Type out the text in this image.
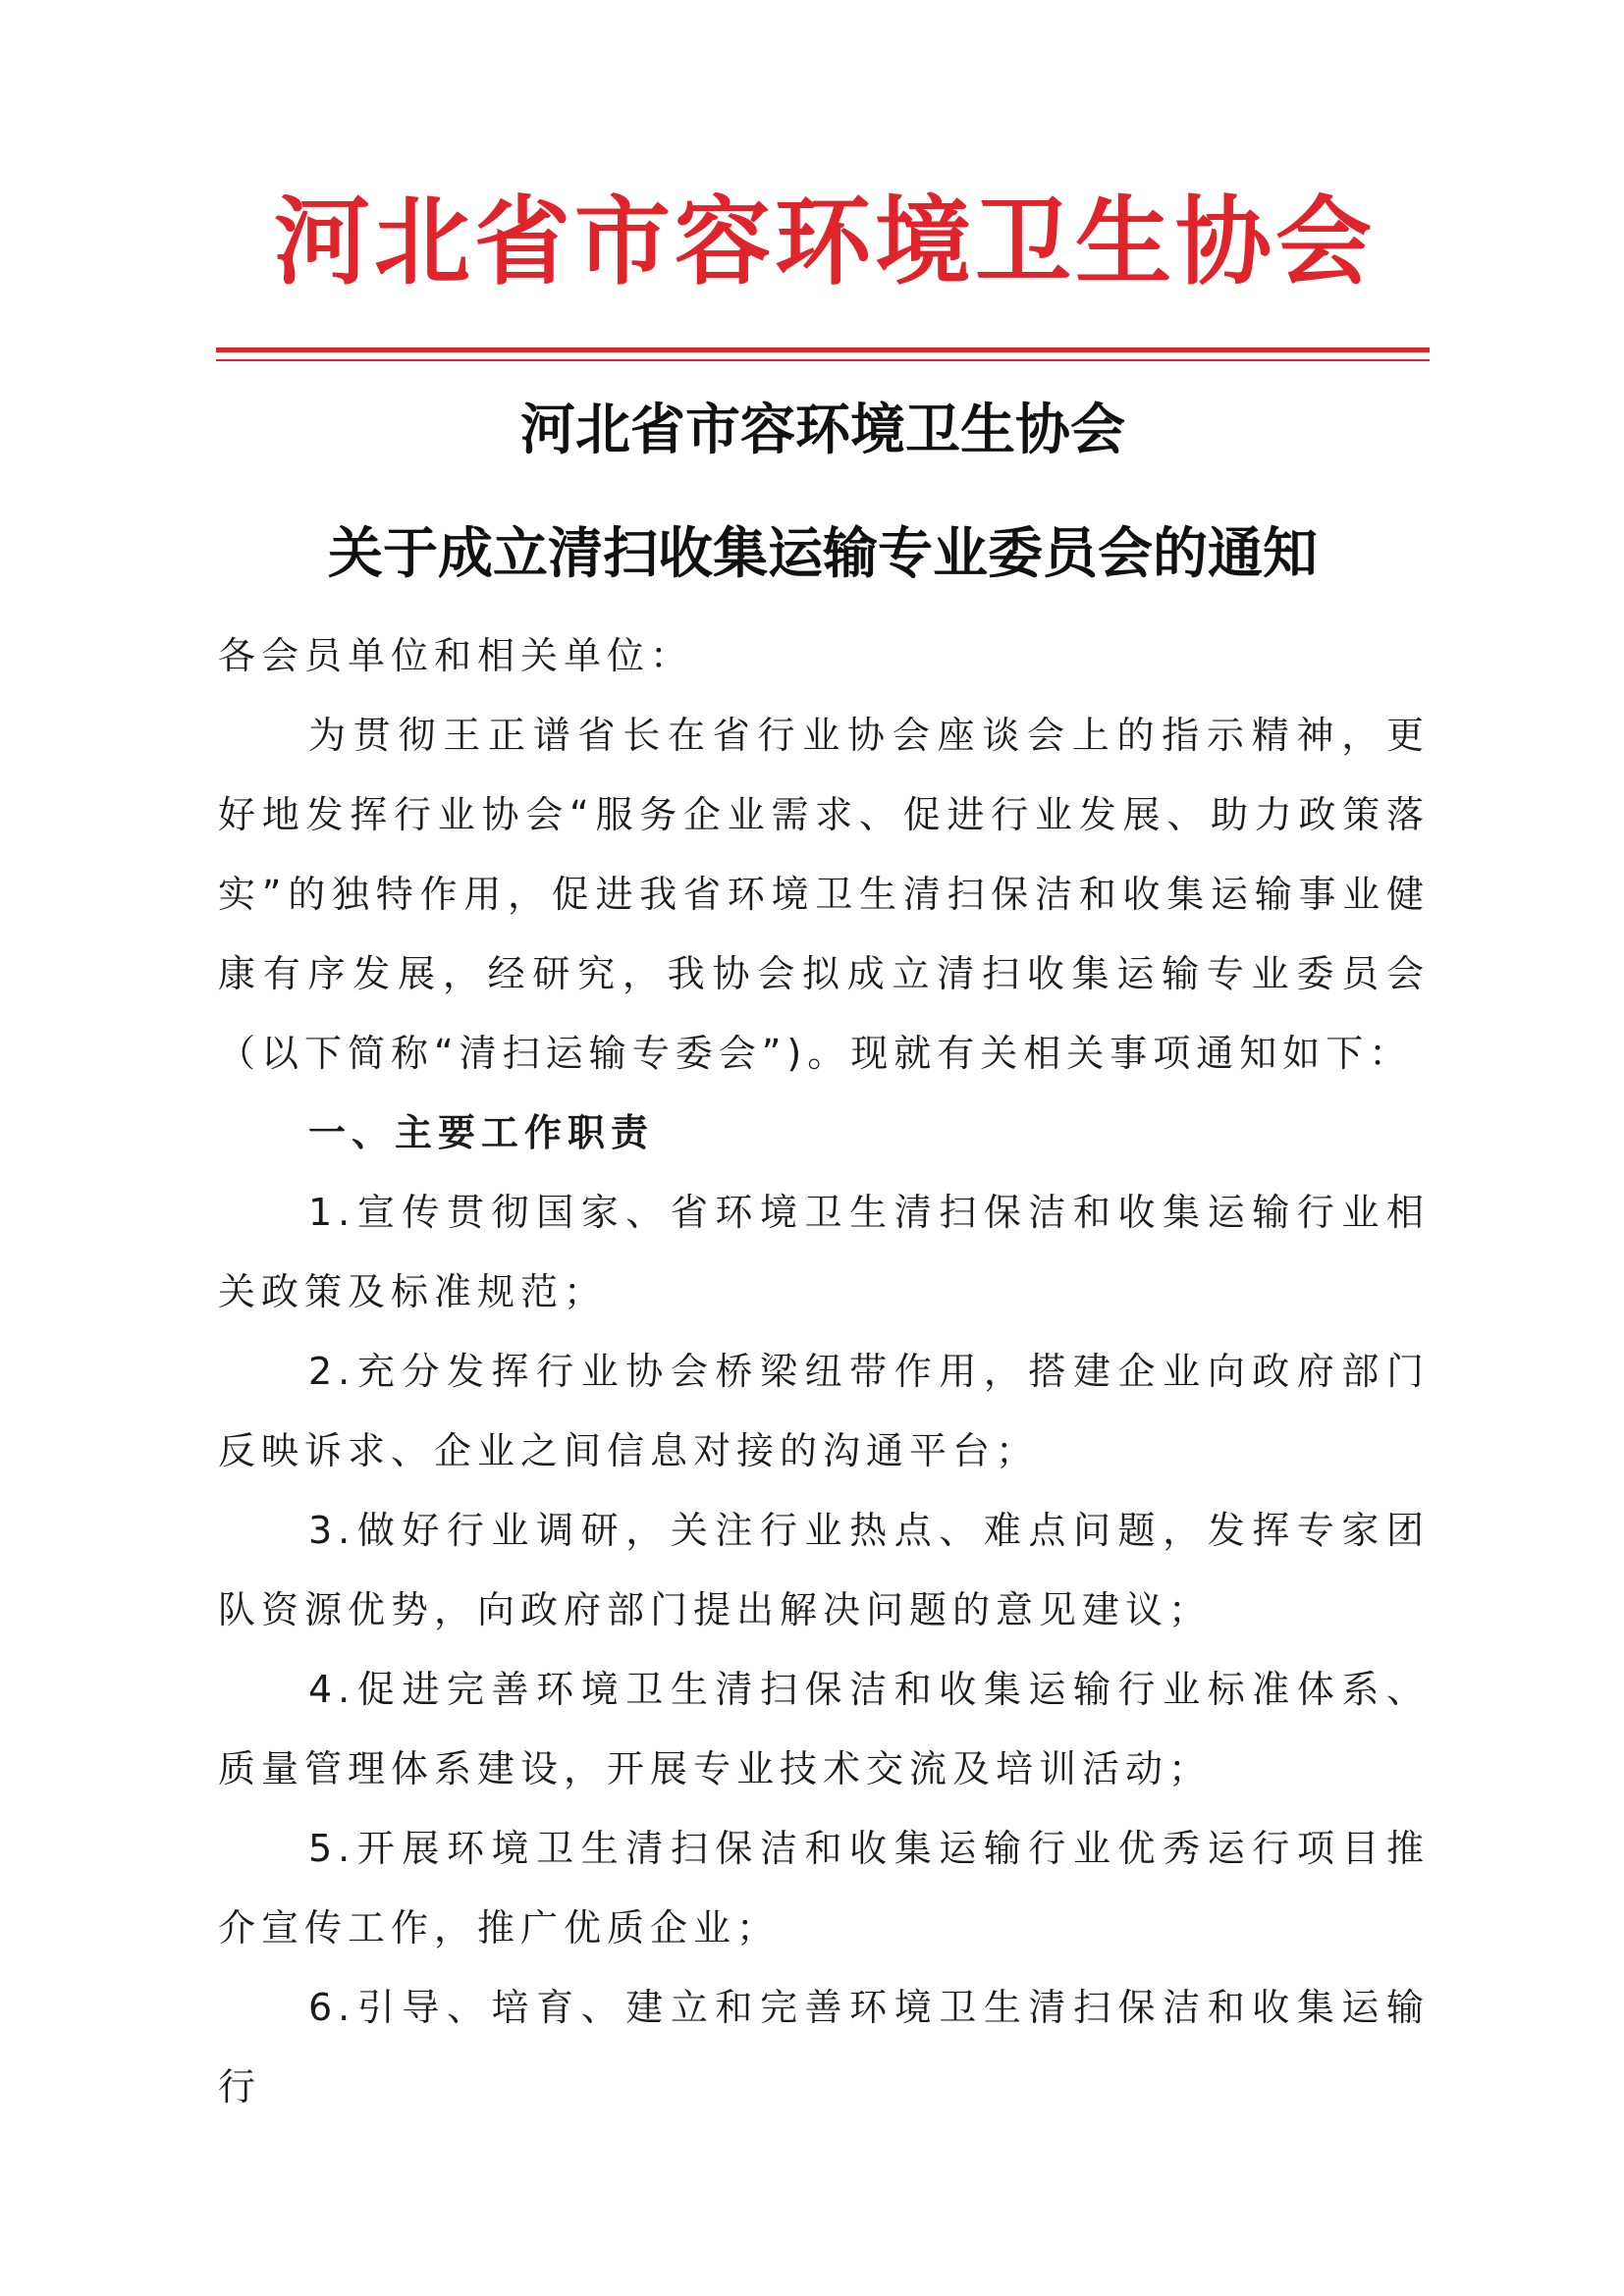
河北省市容环境卫生协会
河北省市容环境卫生协会
关于成立清扫收集运输专业委员会的通知

各会员单位和相关单位：

为贯彻王正谱省长在省行业协会座谈会上的指示精神，更好地发挥行业协会“服务企业需求、促进行业发展、助力政策落实”的独特作用，促进我省环境卫生清扫保洁和收集运输事业健康有序发展，经研究，我协会拟成立清扫收集运输专业委员会（以下简称“清扫运输专委会”)。现就有关相关事项通知如下：

一、主要工作职责

1.宣传贯彻国家、省环境卫生清扫保洁和收集运输行业相关政策及标准规范；

2.充分发挥行业协会桥梁纽带作用，搭建企业向政府部门反映诉求、企业之间信息对接的沟通平台；

3.做好行业调研，关注行业热点、难点问题，发挥专家团队资源优势，向政府部门提出解决问题的意见建议；

4.促进完善环境卫生清扫保洁和收集运输行业标准体系、质量管理体系建设，开展专业技术交流及培训活动；

5.开展环境卫生清扫保洁和收集运输行业优秀运行项目推介宣传工作，推广优质企业；

6.引导、培育、建立和完善环境卫生清扫保洁和收集运输行
